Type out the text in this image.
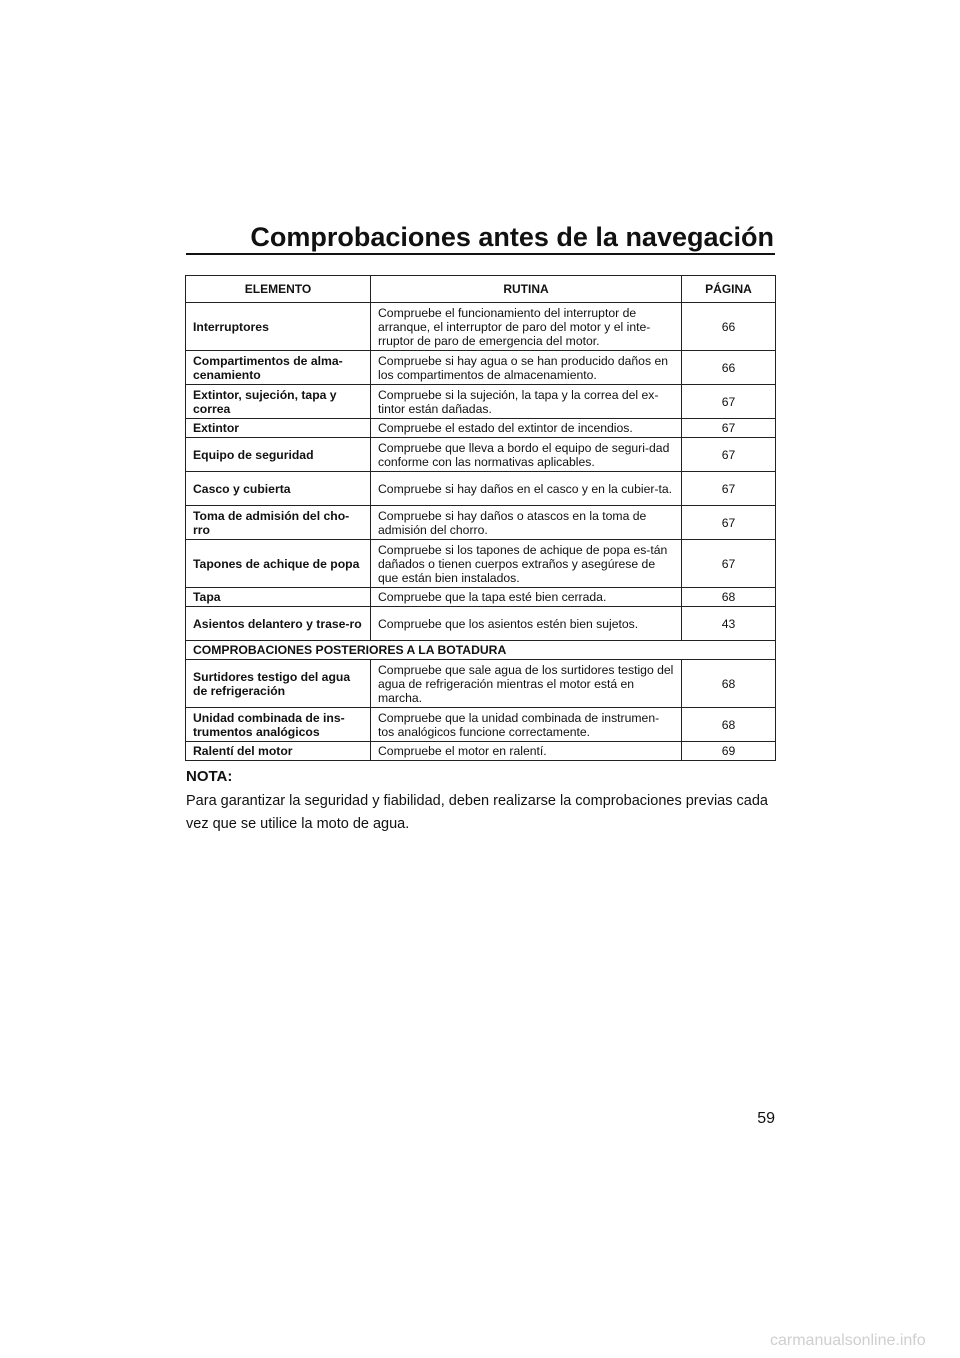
Comprobaciones antes de la navegación
ELEMENTO	RUTINA	PÁGINA
Interruptores	Compruebe el funcionamiento del interruptor de arranque, el interruptor de paro del motor y el inte-rruptor de paro de emergencia del motor.	66
Compartimentos de alma-cenamiento	Compruebe si hay agua o se han producido daños en los compartimentos de almacenamiento.	66
Extintor, sujeción, tapa y correa	Compruebe si la sujeción, la tapa y la correa del ex-tintor están dañadas.	67
Extintor	Compruebe el estado del extintor de incendios.	67
Equipo de seguridad	Compruebe que lleva a bordo el equipo de seguri-dad conforme con las normativas aplicables.	67
Casco y cubierta	Compruebe si hay daños en el casco y en la cubier-ta.	67
Toma de admisión del cho-rro	Compruebe si hay daños o atascos en la toma de admisión del chorro.	67
Tapones de achique de popa	Compruebe si los tapones de achique de popa es-tán dañados o tienen cuerpos extraños y asegúrese de que están bien instalados.	67
Tapa	Compruebe que la tapa esté bien cerrada.	68
Asientos delantero y trase-ro	Compruebe que los asientos estén bien sujetos.	43
COMPROBACIONES POSTERIORES A LA BOTADURA		
Surtidores testigo del agua de refrigeración	Compruebe que sale agua de los surtidores testigo del agua de refrigeración mientras el motor está en marcha.	68
Unidad combinada de ins-trumentos analógicos	Compruebe que la unidad combinada de instrumen-tos analógicos funcione correctamente.	68
Ralentí del motor	Compruebe el motor en ralentí.	69
NOTA:
Para garantizar la seguridad y fiabilidad, deben realizarse la comprobaciones previas cada vez que se utilice la moto de agua.
59
carmanualsonline.info
